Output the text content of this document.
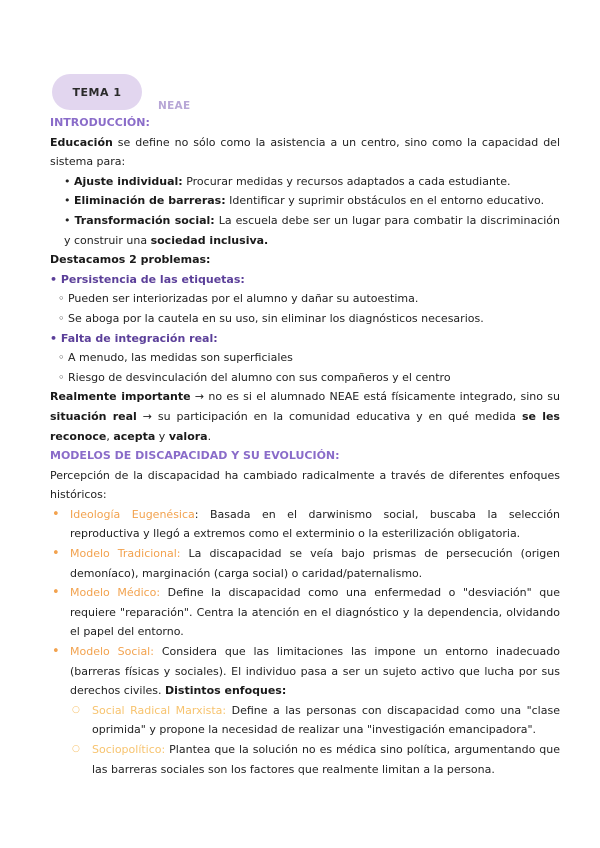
TEMA 1
NEAE
INTRODUCCIÓN:
Educación se define no sólo como la asistencia a un centro, sino como la capacidad del sistema para:
• Ajuste individual: Procurar medidas y recursos adaptados a cada estudiante.
• Eliminación de barreras: Identificar y suprimir obstáculos en el entorno educativo.
• Transformación social: La escuela debe ser un lugar para combatir la discriminación y construir una sociedad inclusiva.
Destacamos 2 problemas:
• Persistencia de las etiquetas:
◦ Pueden ser interiorizadas por el alumno y dañar su autoestima.
◦ Se aboga por la cautela en su uso, sin eliminar los diagnósticos necesarios.
• Falta de integración real:
◦ A menudo, las medidas son superficiales
◦ Riesgo de desvinculación del alumno con sus compañeros y el centro
Realmente importante → no es si el alumnado NEAE está físicamente integrado, sino su situación real → su participación en la comunidad educativa y en qué medida se les reconoce, acepta y valora.
MODELOS DE DISCAPACIDAD Y SU EVOLUCIÓN:
Percepción de la discapacidad ha cambiado radicalmente a través de diferentes enfoques históricos:
• Ideología Eugenésica: Basada en el darwinismo social, buscaba la selección reproductiva y llegó a extremos como el exterminio o la esterilización obligatoria.
• Modelo Tradicional: La discapacidad se veía bajo prismas de persecución (origen demoníaco), marginación (carga social) o caridad/paternalismo.
• Modelo Médico: Define la discapacidad como una enfermedad o "desviación" que requiere "reparación". Centra la atención en el diagnóstico y la dependencia, olvidando el papel del entorno.
• Modelo Social: Considera que las limitaciones las impone un entorno inadecuado (barreras físicas y sociales). El individuo pasa a ser un sujeto activo que lucha por sus derechos civiles. Distintos enfoques:
○ Social Radical Marxista: Define a las personas con discapacidad como una "clase oprimida" y propone la necesidad de realizar una "investigación emancipadora".
○ Sociopolítico: Plantea que la solución no es médica sino política, argumentando que las barreras sociales son los factores que realmente limitan a la persona.
